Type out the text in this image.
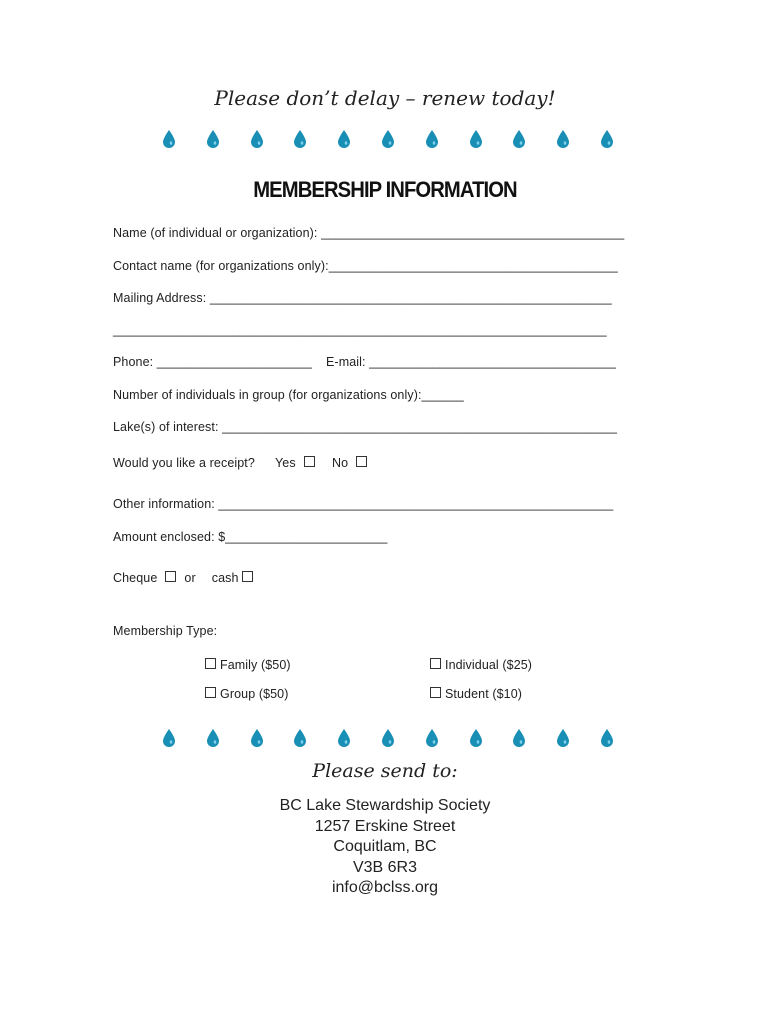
Please don’t delay – renew today!
MEMBERSHIP INFORMATION
Name (of individual or organization): ___________________________________________
Contact name (for organizations only):_________________________________________
Mailing Address: _________________________________________________________
______________________________________________________________________
Phone: ______________________ E-mail: ___________________________________
Number of individuals in group (for organizations only):______
Lake(s) of interest: ________________________________________________________
Would you like a receipt? Yes	No
Other information: ________________________________________________________
Amount enclosed: $_______________________
Cheque or cash
Membership Type:
Family ($50)	Individual ($25)
Group ($50)	Student ($10)
Please send to:
BC Lake Stewardship Society
1257 Erskine Street
Coquitlam, BC
V3B 6R3
info@bclss.org
